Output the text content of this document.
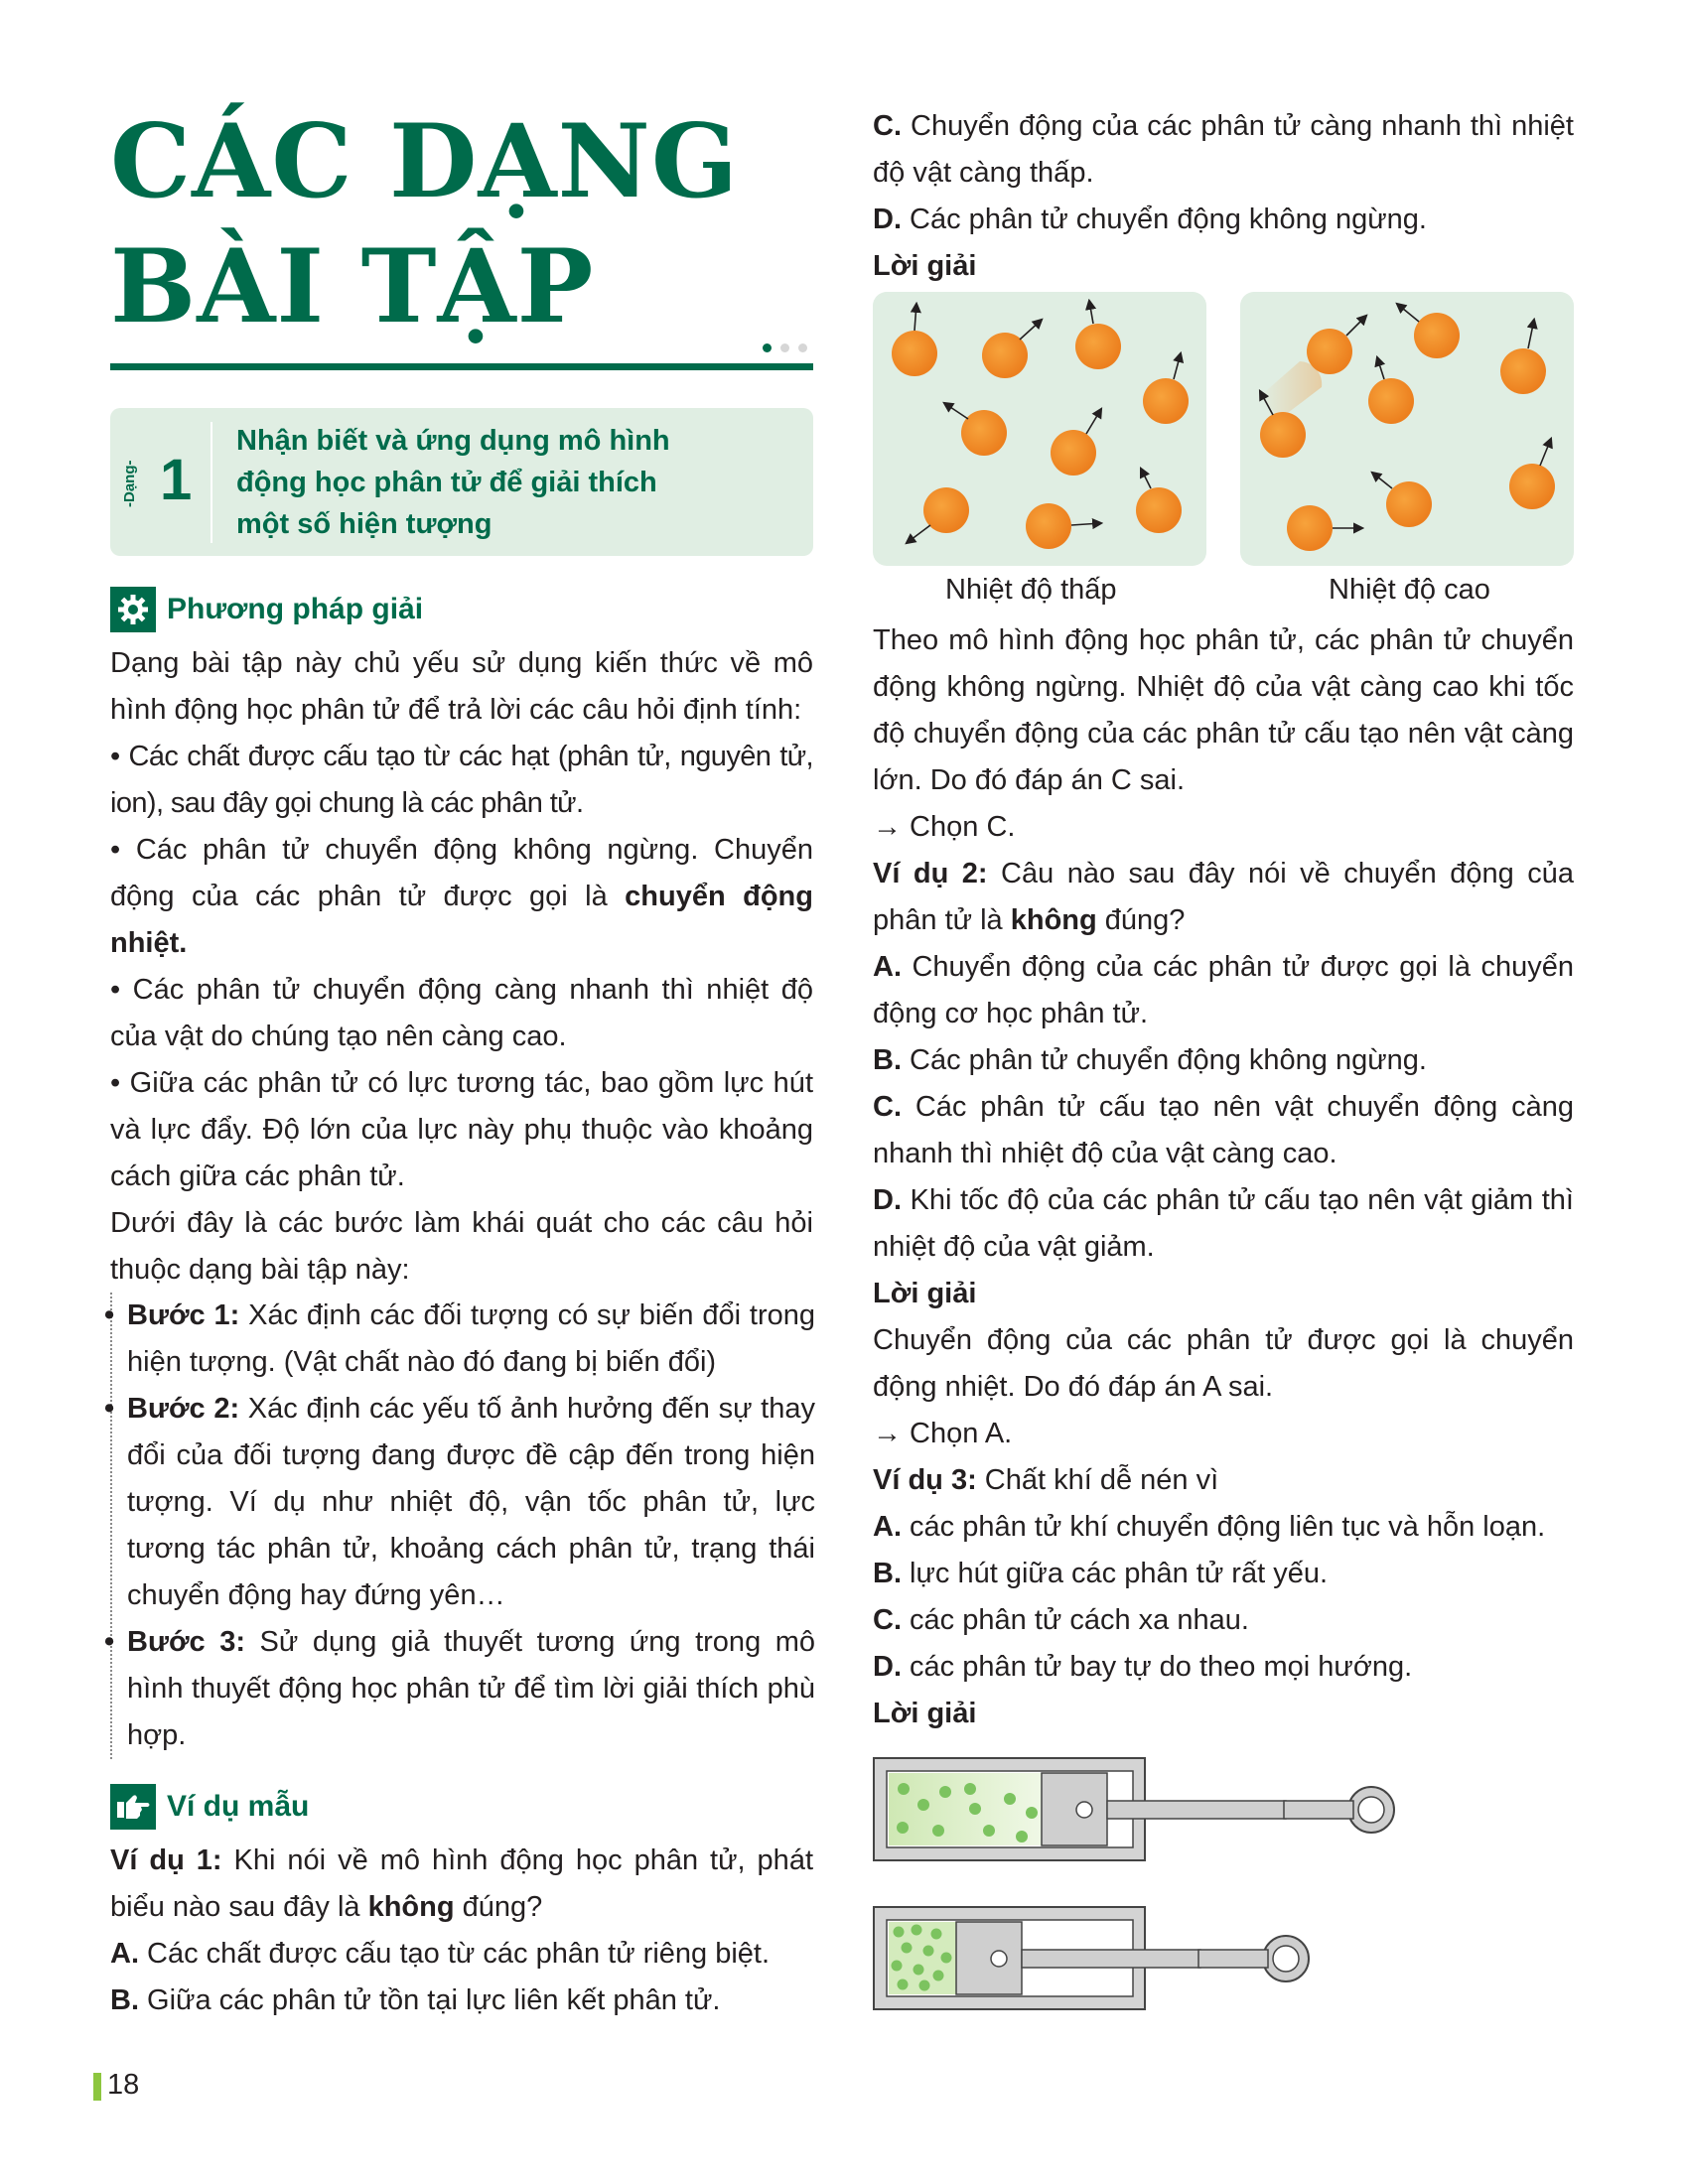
CÁC DẠNG
BÀI TẬP
-Dạng- 1
Nhận biết và ứng dụng mô hình
động học phân tử để giải thích
một số hiện tượng
Phương pháp giải

Dạng bài tập này chủ yếu sử dụng kiến thức về mô hình động học phân tử để trả lời các câu hỏi định tính:

• Các chất được cấu tạo từ các hạt (phân tử, nguyên tử, ion), sau đây gọi chung là các phân tử.

• Các phân tử chuyển động không ngừng. Chuyển động của các phân tử được gọi là chuyển động nhiệt.

• Các phân tử chuyển động càng nhanh thì nhiệt độ của vật do chúng tạo nên càng cao.

• Giữa các phân tử có lực tương tác, bao gồm lực hút và lực đẩy. Độ lớn của lực này phụ thuộc vào khoảng cách giữa các phân tử.

Dưới đây là các bước làm khái quát cho các câu hỏi thuộc dạng bài tập này:

• Bước 1: Xác định các đối tượng có sự biến đổi trong hiện tượng. (Vật chất nào đó đang bị biến đổi)

• Bước 2: Xác định các yếu tố ảnh hưởng đến sự thay đổi của đối tượng đang được đề cập đến trong hiện tượng. Ví dụ như nhiệt độ, vận tốc phân tử, lực tương tác phân tử, khoảng cách phân tử, trạng thái chuyển động hay đứng yên…

• Bước 3: Sử dụng giả thuyết tương ứng trong mô hình thuyết động học phân tử để tìm lời giải thích phù hợp.

Ví dụ mẫu

Ví dụ 1: Khi nói về mô hình động học phân tử, phát biểu nào sau đây là không đúng?

A. Các chất được cấu tạo từ các phân tử riêng biệt.

B. Giữa các phân tử tồn tại lực liên kết phân tử.

C. Chuyển động của các phân tử càng nhanh thì nhiệt độ vật càng thấp.

D. Các phân tử chuyển động không ngừng.

Lời giải

Nhiệt độ thấp	Nhiệt độ cao

Theo mô hình động học phân tử, các phân tử chuyển động không ngừng. Nhiệt độ của vật càng cao khi tốc độ chuyển động của các phân tử cấu tạo nên vật càng lớn. Do đó đáp án C sai.

→ Chọn C.

Ví dụ 2: Câu nào sau đây nói về chuyển động của phân tử là không đúng?

A. Chuyển động của các phân tử được gọi là chuyển động cơ học phân tử.

B. Các phân tử chuyển động không ngừng.

C. Các phân tử cấu tạo nên vật chuyển động càng nhanh thì nhiệt độ của vật càng cao.

D. Khi tốc độ của các phân tử cấu tạo nên vật giảm thì nhiệt độ của vật giảm.

Lời giải

Chuyển động của các phân tử được gọi là chuyển động nhiệt. Do đó đáp án A sai.

→ Chọn A.

Ví dụ 3: Chất khí dễ nén vì

A. các phân tử khí chuyển động liên tục và hỗn loạn.

B. lực hút giữa các phân tử rất yếu.

C. các phân tử cách xa nhau.

D. các phân tử bay tự do theo mọi hướng.

Lời giải

18
